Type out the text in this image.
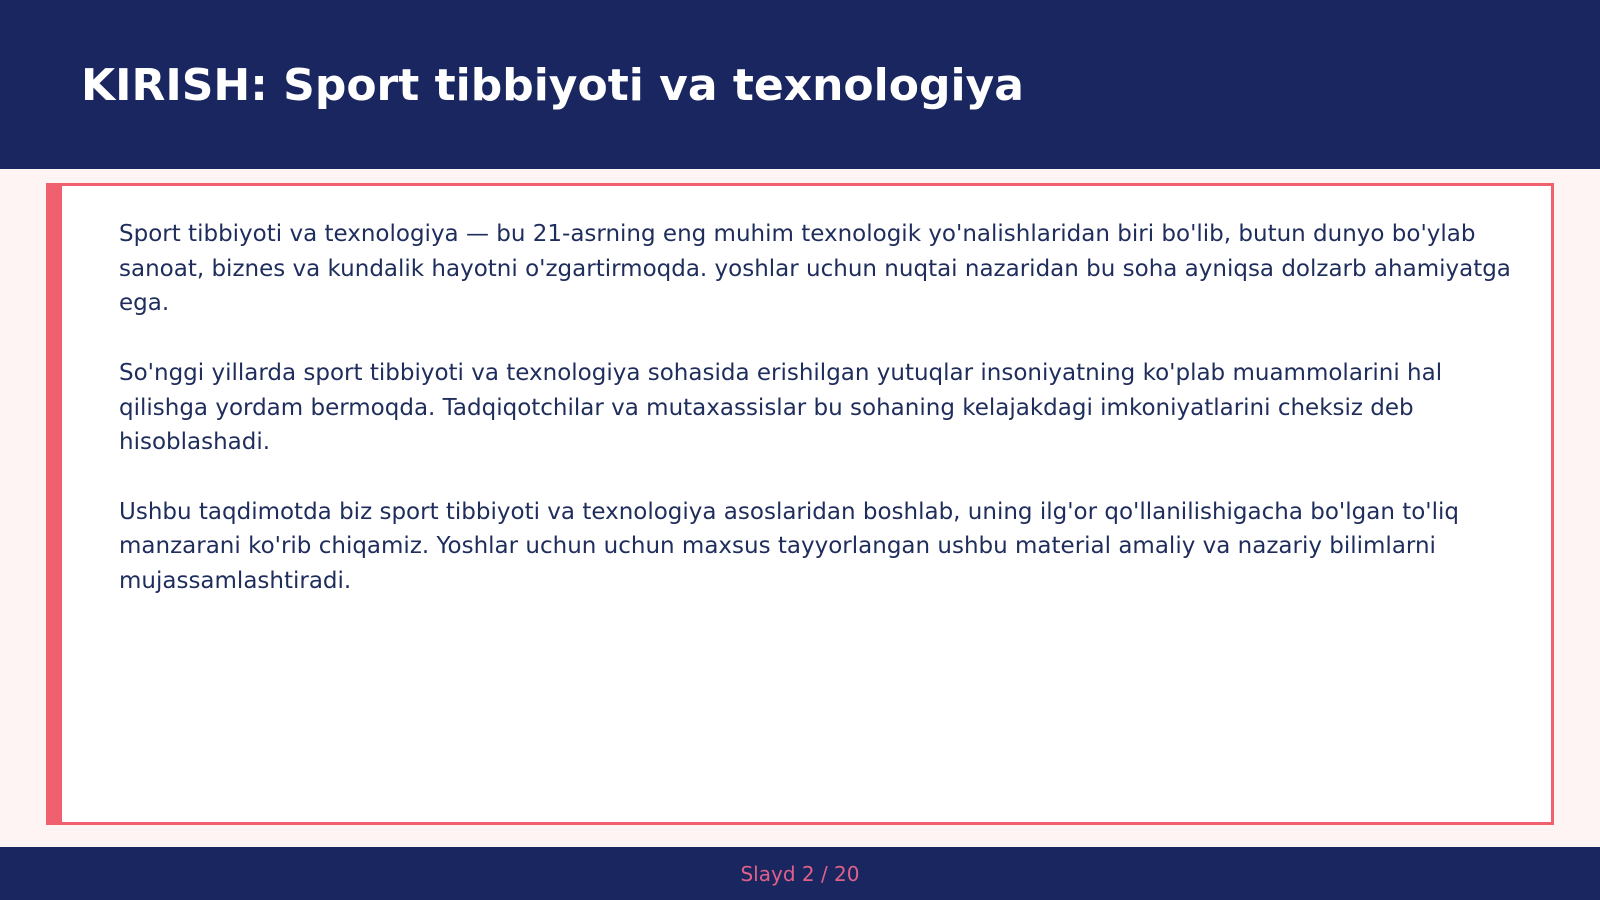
KIRISH: Sport tibbiyoti va texnologiya

Sport tibbiyoti va texnologiya — bu 21-asrning eng muhim texnologik yo'nalishlaridan biri bo'lib, butun dunyo bo'ylab sanoat, biznes va kundalik hayotni o'zgartirmoqda. yoshlar uchun nuqtai nazaridan bu soha ayniqsa dolzarb ahamiyatga ega.

So'nggi yillarda sport tibbiyoti va texnologiya sohasida erishilgan yutuqlar insoniyatning ko'plab muammolarini hal qilishga yordam bermoqda. Tadqiqotchilar va mutaxassislar bu sohaning kelajakdagi imkoniyatlarini cheksiz deb hisoblashadi.

Ushbu taqdimotda biz sport tibbiyoti va texnologiya asoslaridan boshlab, uning ilg'or qo'llanilishigacha bo'lgan to'liq manzarani ko'rib chiqamiz. Yoshlar uchun uchun maxsus tayyorlangan ushbu material amaliy va nazariy bilimlarni mujassamlashtiradi.

Slayd 2 / 20
